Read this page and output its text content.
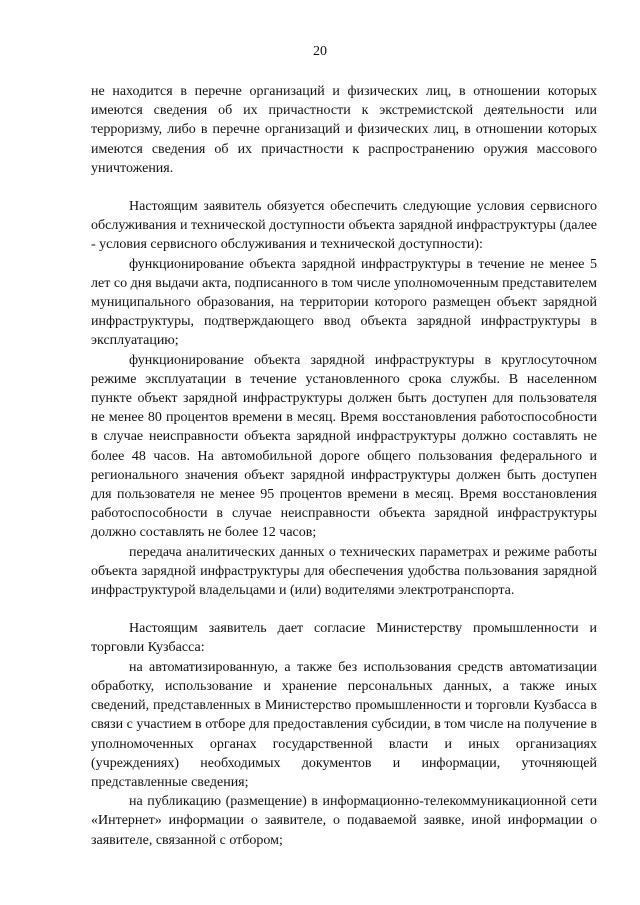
20

не находится в перечне организаций и физических лиц, в отношении которых имеются сведения об их причастности к экстремистской деятельности или терроризму, либо в перечне организаций и физических лиц, в отношении которых имеются сведения об их причастности к распространению оружия массового уничтожения.

Настоящим заявитель обязуется обеспечить следующие условия сервисного обслуживания и технической доступности объекта зарядной инфраструктуры (далее - условия сервисного обслуживания и технической доступности):

функционирование объекта зарядной инфраструктуры в течение не менее 5 лет со дня выдачи акта, подписанного в том числе уполномоченным представителем муниципального образования, на территории которого размещен объект зарядной инфраструктуры, подтверждающего ввод объекта зарядной инфраструктуры в эксплуатацию;

функционирование объекта зарядной инфраструктуры в круглосуточном режиме эксплуатации в течение установленного срока службы. В населенном пункте объект зарядной инфраструктуры должен быть доступен для пользователя не менее 80 процентов времени в месяц. Время восстановления работоспособности в случае неисправности объекта зарядной инфраструктуры должно составлять не более 48 часов. На автомобильной дороге общего пользования федерального и регионального значения объект зарядной инфраструктуры должен быть доступен для пользователя не менее 95 процентов времени в месяц. Время восстановления работоспособности в случае неисправности объекта зарядной инфраструктуры должно составлять не более 12 часов;

передача аналитических данных о технических параметрах и режиме работы объекта зарядной инфраструктуры для обеспечения удобства пользования зарядной инфраструктурой владельцами и (или) водителями электротранспорта.

Настоящим заявитель дает согласие Министерству промышленности и торговли Кузбасса:

на автоматизированную, а также без использования средств автоматизации обработку, использование и хранение персональных данных, а также иных сведений, представленных в Министерство промышленности и торговли Кузбасса в связи с участием в отборе для предоставления субсидии, в том числе на получение в уполномоченных органах государственной власти и иных организациях (учреждениях) необходимых документов и информации, уточняющей представленные сведения;

на публикацию (размещение) в информационно-телекоммуникационной сети «Интернет» информации о заявителе, о подаваемой заявке, иной информации о заявителе, связанной с отбором;
